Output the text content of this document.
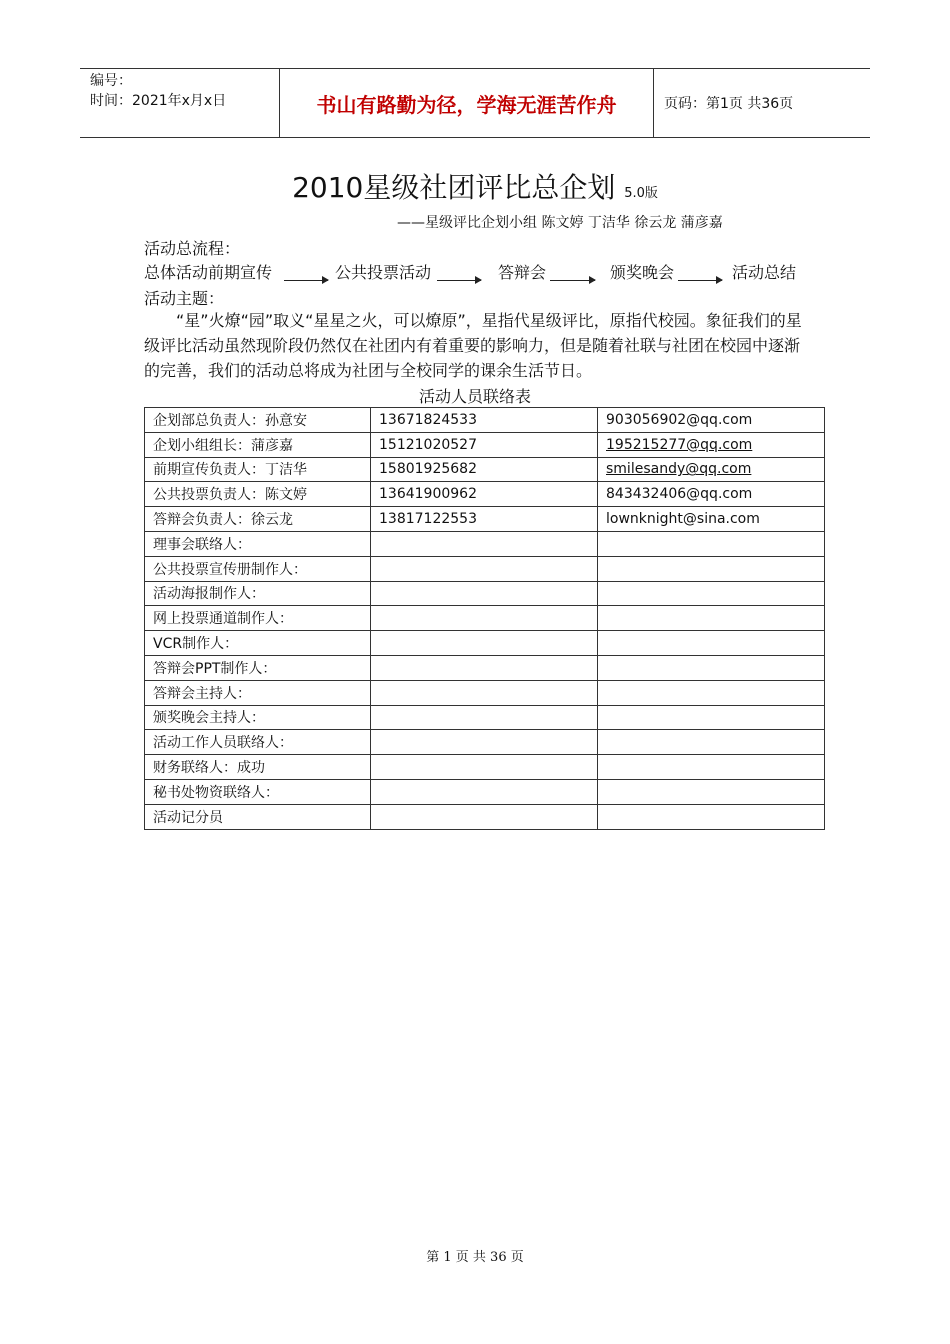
编号：
时间：2021年x月x日	书山有路勤为径，学海无涯苦作舟	页码：第1页 共36页
2010星级社团评比总企划 5.0版
——星级评比企划小组 陈文婷 丁洁华 徐云龙 蒲彦嘉
活动总流程：
总体活动前期宣传	公共投票活动	答辩会	颁奖晚会	活动总结
活动主题：
“星”火燎“园”取义“星星之火，可以燎原”，星指代星级评比，原指代校园。象征我们的星级评比活动虽然现阶段仍然仅在社团内有着重要的影响力，但是随着社联与社团在校园中逐渐的完善，我们的活动总将成为社团与全校同学的课余生活节日。
活动人员联络表
企划部总负责人：孙意安	13671824533	903056902@qq.com
企划小组组长：蒲彦嘉	15121020527	195215277@qq.com
前期宣传负责人：丁洁华	15801925682	smilesandy@qq.com
公共投票负责人：陈文婷	13641900962	843432406@qq.com
答辩会负责人：徐云龙	13817122553	lownknight@sina.com
理事会联络人：		
公共投票宣传册制作人：		
活动海报制作人：		
网上投票通道制作人：		
VCR制作人：		
答辩会PPT制作人：		
答辩会主持人：		
颁奖晚会主持人：		
活动工作人员联络人：		
财务联络人：成功		
秘书处物资联络人：		
活动记分员		
第 1 页 共 36 页
